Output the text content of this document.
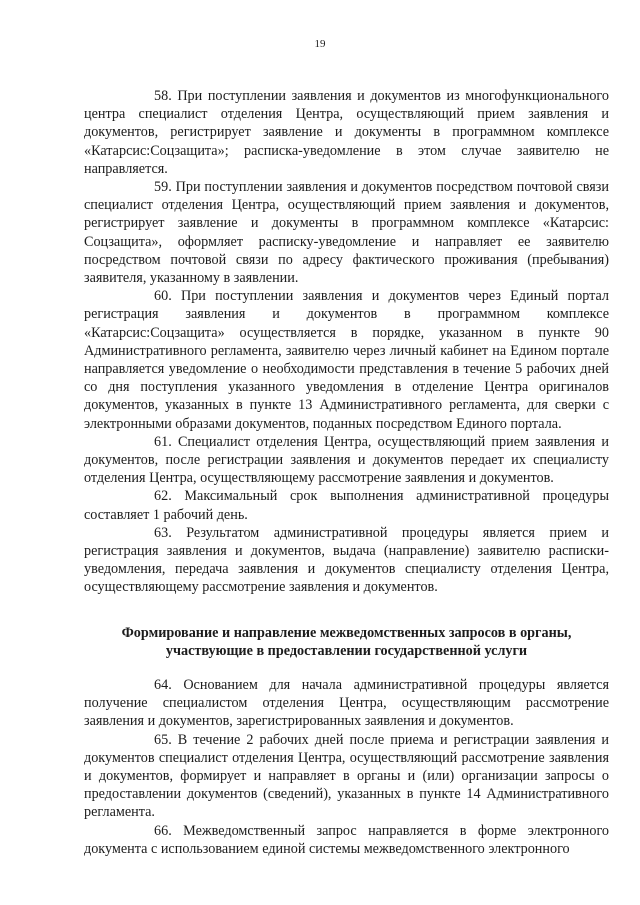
19

58. При поступлении заявления и документов из многофункционального центра специалист отделения Центра, осуществляющий прием заявления и документов, регистрирует заявление и документы в программном комплексе «Катарсис:Соцзащита»; расписка-уведомление в этом случае заявителю не направляется.

59. При поступлении заявления и документов посредством почтовой связи специалист отделения Центра, осуществляющий прием заявления и документов, регистрирует заявление и документы в программном комплексе «Катарсис: Соцзащита», оформляет расписку-уведомление и направляет ее заявителю посредством почтовой связи по адресу фактического проживания (пребывания) заявителя, указанному в заявлении.

60. При поступлении заявления и документов через Единый портал регистрация заявления и документов в программном комплексе «Катарсис:Соцзащита» осуществляется в порядке, указанном в пункте 90 Административного регламента, заявителю через личный кабинет на Едином портале направляется уведомление о необходимости представления в течение 5 рабочих дней со дня поступления указанного уведомления в отделение Центра оригиналов документов, указанных в пункте 13 Административного регламента, для сверки с электронными образами документов, поданных посредством Единого портала.

61. Специалист отделения Центра, осуществляющий прием заявления и документов, после регистрации заявления и документов передает их специалисту отделения Центра, осуществляющему рассмотрение заявления и документов.

62. Максимальный срок выполнения административной процедуры составляет 1 рабочий день.

63. Результатом административной процедуры является прием и регистрация заявления и документов, выдача (направление) заявителю расписки-уведомления, передача заявления и документов специалисту отделения Центра, осуществляющему рассмотрение заявления и документов.

Формирование и направление межведомственных запросов в органы,
участвующие в предоставлении государственной услуги

64. Основанием для начала административной процедуры является получение специалистом отделения Центра, осуществляющим рассмотрение заявления и документов, зарегистрированных заявления и документов.

65. В течение 2 рабочих дней после приема и регистрации заявления и документов специалист отделения Центра, осуществляющий рассмотрение заявления и документов, формирует и направляет в органы и (или) организации запросы о предоставлении документов (сведений), указанных в пункте 14 Административного регламента.

66. Межведомственный запрос направляется в форме электронного документа с использованием единой системы межведомственного электронного
